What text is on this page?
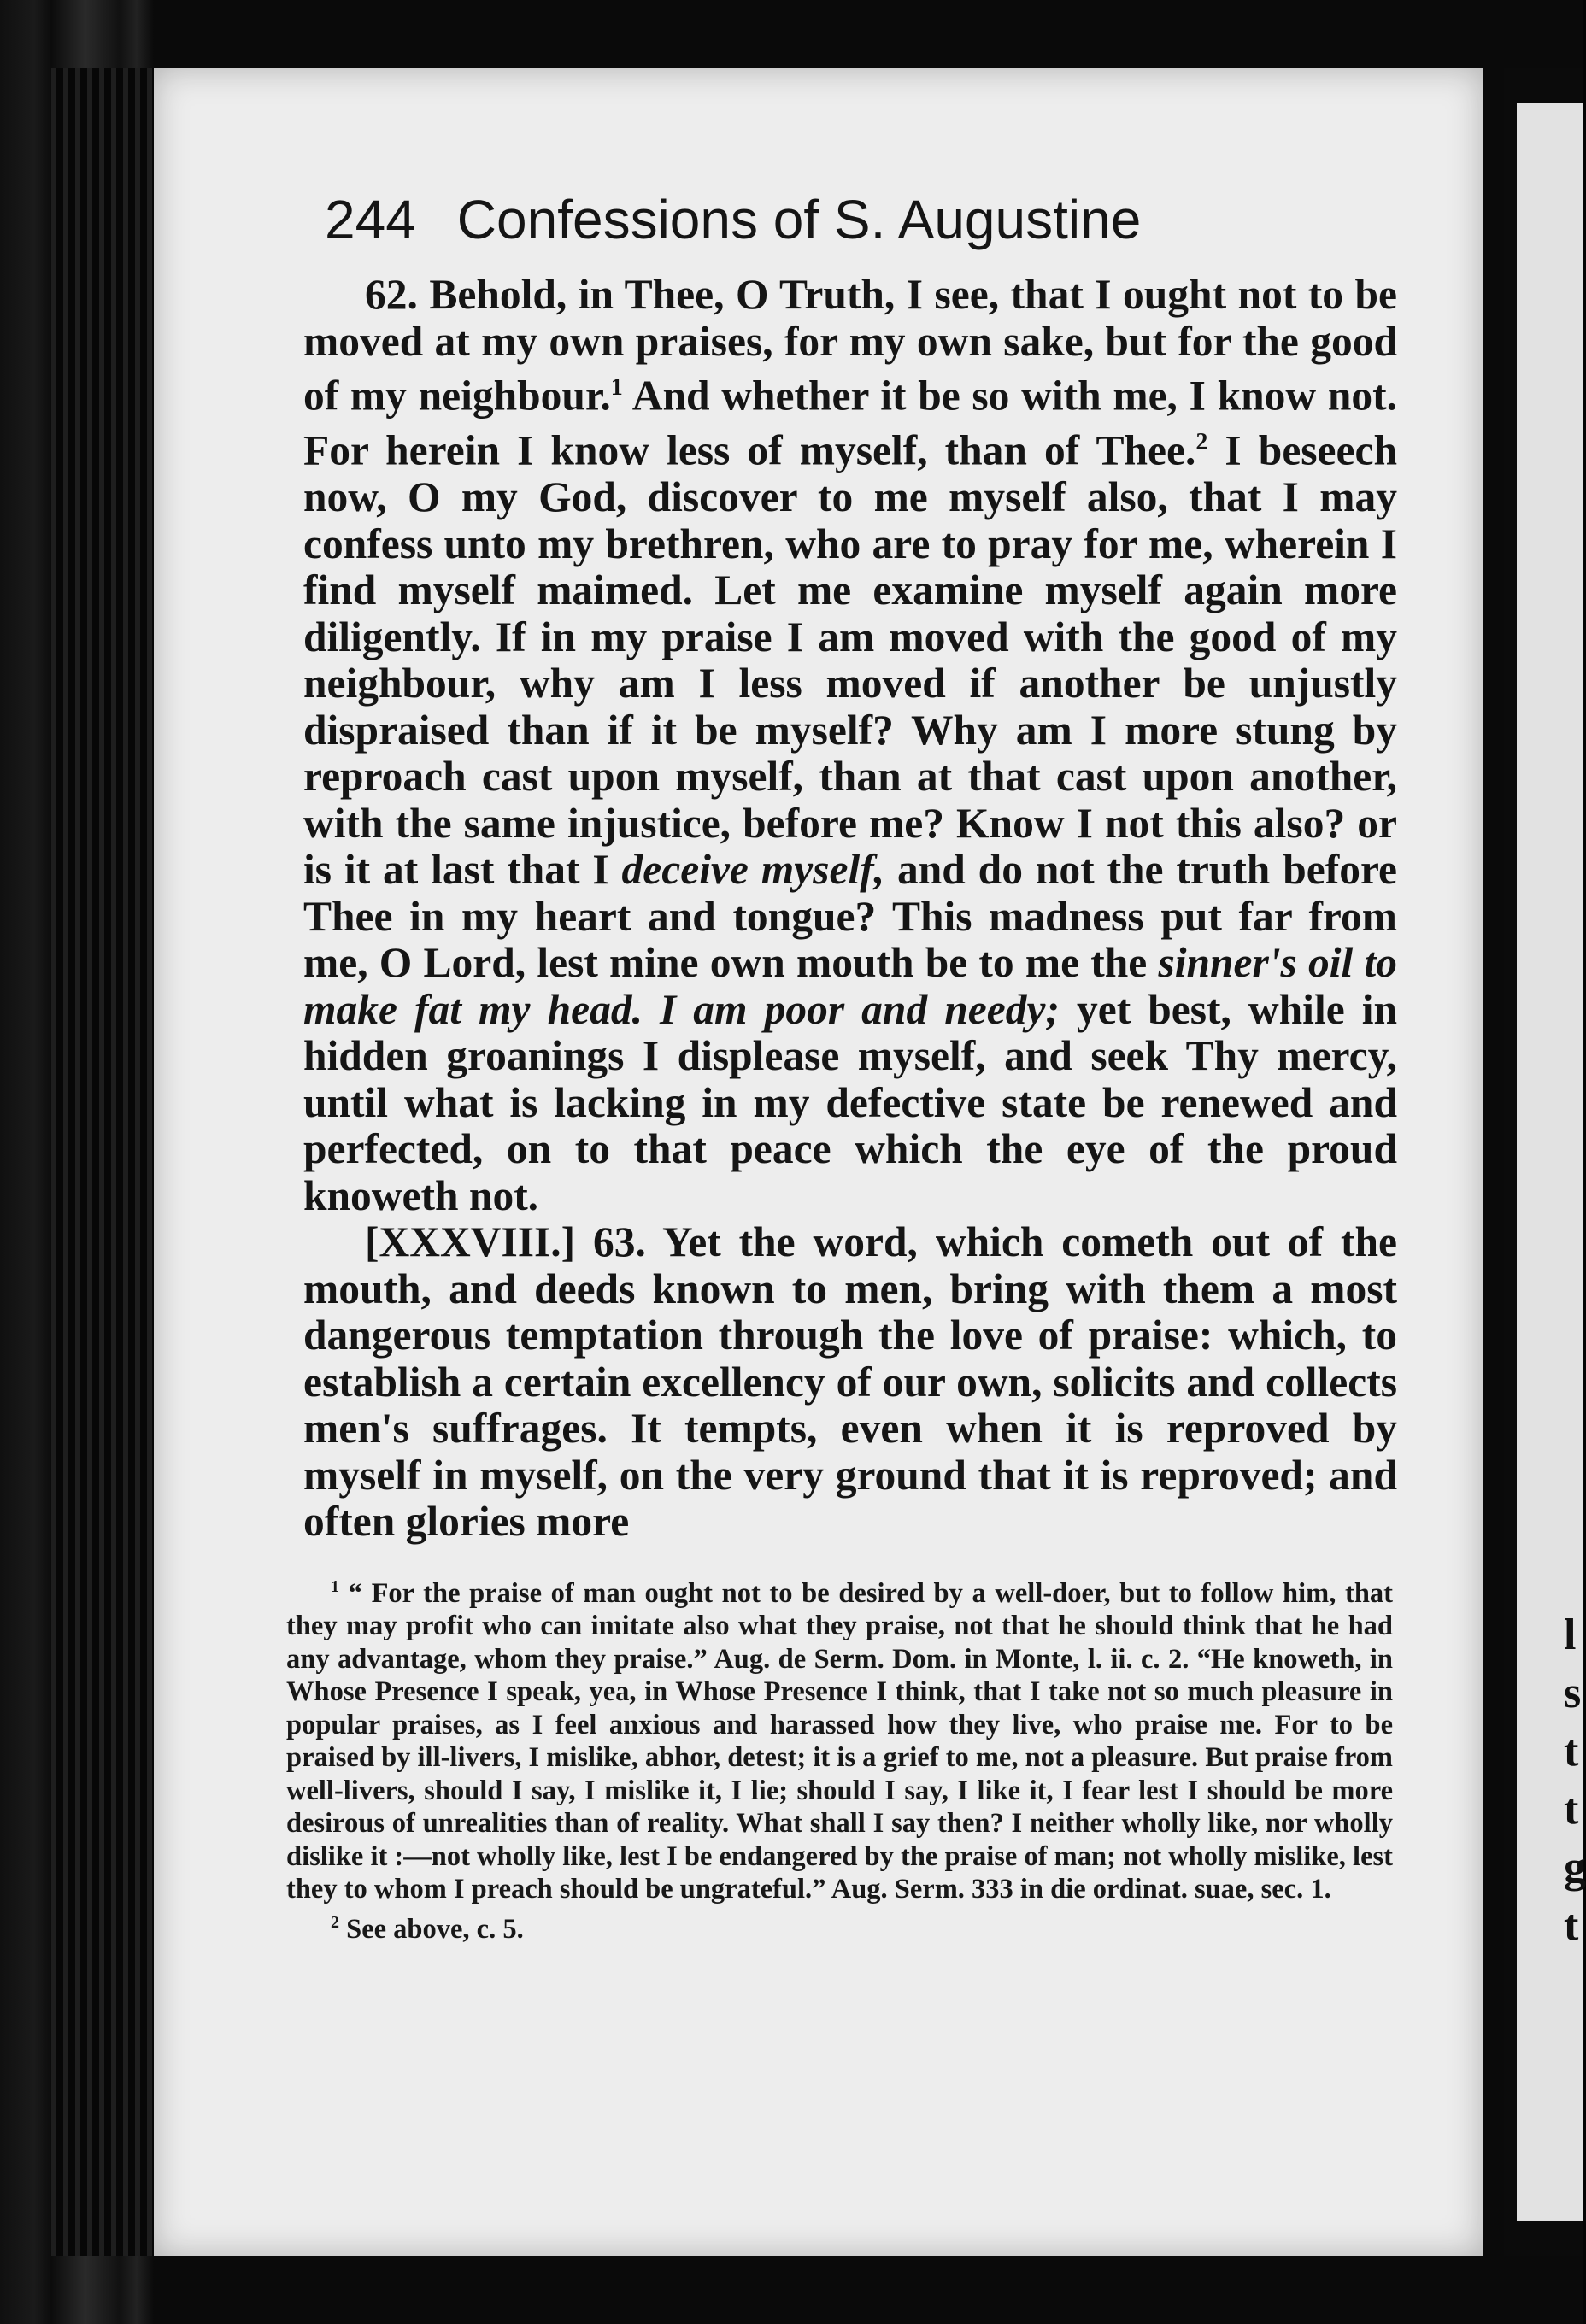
l
s
t
t
g
t
244 Confessions of S. Augustine

62. Behold, in Thee, O Truth, I see, that I ought not to be moved at my own praises, for my own sake, but for the good of my neighbour.$^1$ And whether it be so with me, I know not. For herein I know less of myself, than of Thee.$^2$ I beseech now, O my God, discover to me myself also, that I may confess unto my brethren, who are to pray for me, wherein I find myself maimed. Let me examine myself again more diligently. If in my praise I am moved with the good of my neighbour, why am I less moved if another be unjustly dispraised than if it be myself? Why am I more stung by reproach cast upon myself, than at that cast upon another, with the same injustice, before me? Know I not this also? or is it at last that I deceive myself, and do not the truth before Thee in my heart and tongue? This madness put far from me, O Lord, lest mine own mouth be to me the sinner's oil to make fat my head. I am poor and needy; yet best, while in hidden groanings I displease myself, and seek Thy mercy, until what is lacking in my defective state be renewed and perfected, on to that peace which the eye of the proud knoweth not.

[XXXVIII.] 63. Yet the word, which cometh out of the mouth, and deeds known to men, bring with them a most dangerous temptation through the love of praise: which, to establish a certain excellency of our own, solicits and collects men's suffrages. It tempts, even when it is reproved by myself in myself, on the very ground that it is reproved; and often glories more

$^1$ “ For the praise of man ought not to be desired by a well-doer, but to follow him, that they may profit who can imitate also what they praise, not that he should think that he had any advantage, whom they praise.” Aug. de Serm. Dom. in Monte, l. ii. c. 2. “He knoweth, in Whose Presence I speak, yea, in Whose Presence I think, that I take not so much pleasure in popular praises, as I feel anxious and harassed how they live, who praise me. For to be praised by ill-livers, I mislike, abhor, detest; it is a grief to me, not a pleasure. But praise from well-livers, should I say, I mislike it, I lie; should I say, I like it, I fear lest I should be more desirous of unrealities than of reality. What shall I say then? I neither wholly like, nor wholly dislike it :—not wholly like, lest I be endangered by the praise of man; not wholly mislike, lest they to whom I preach should be ungrateful.” Aug. Serm. 333 in die ordinat. suae, sec. 1.

$^2$ See above, c. 5.
